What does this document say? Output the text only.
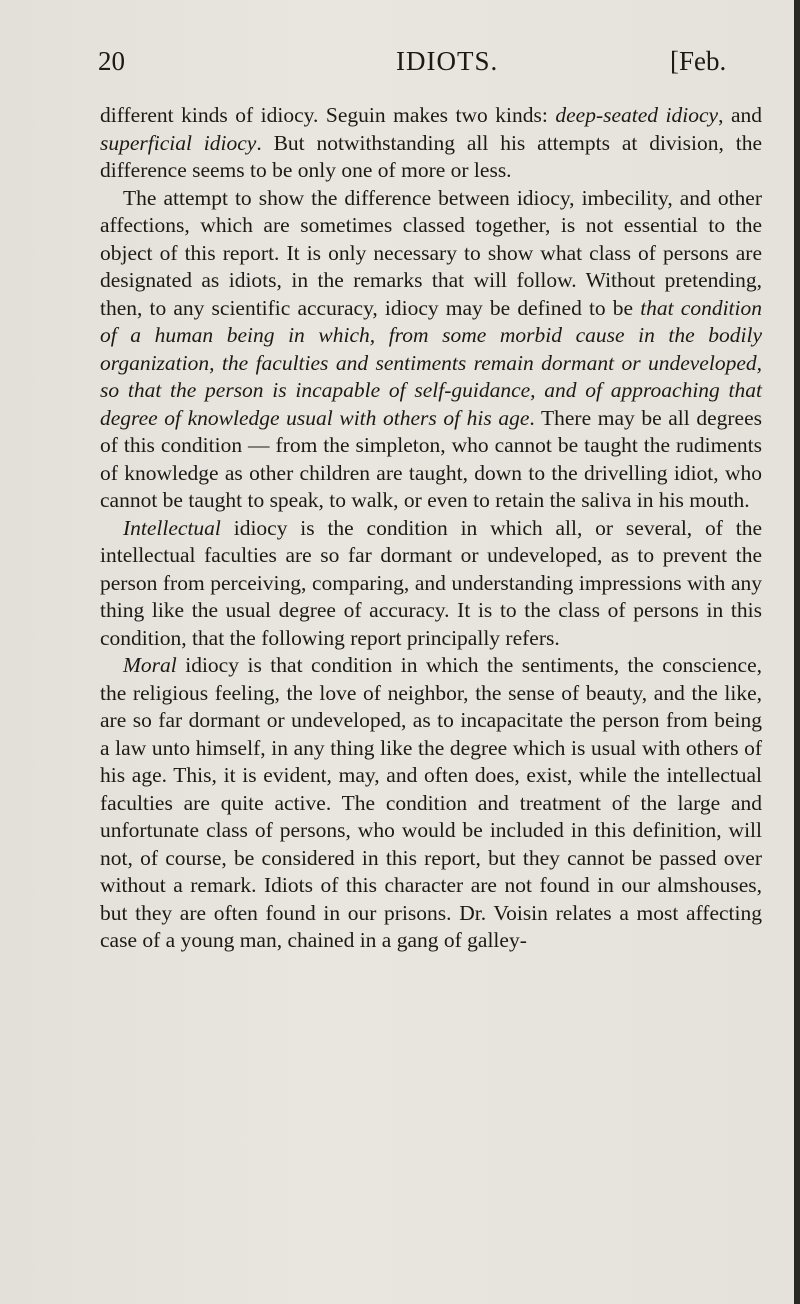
20	IDIOTS.	[Feb.

different kinds of idiocy. Seguin makes two kinds: deep-seated idiocy, and superficial idiocy. But notwithstanding all his attempts at division, the difference seems to be only one of more or less.

The attempt to show the difference between idiocy, imbecility, and other affections, which are sometimes classed together, is not essential to the object of this report. It is only necessary to show what class of persons are designated as idiots, in the remarks that will follow. Without pretending, then, to any scientific accuracy, idiocy may be defined to be that condition of a human being in which, from some morbid cause in the bodily organization, the faculties and sentiments remain dormant or undeveloped, so that the person is incapable of self-guidance, and of approaching that degree of knowledge usual with others of his age. There may be all degrees of this condition — from the simpleton, who cannot be taught the rudiments of knowledge as other children are taught, down to the drivelling idiot, who cannot be taught to speak, to walk, or even to retain the saliva in his mouth.

Intellectual idiocy is the condition in which all, or several, of the intellectual faculties are so far dormant or undeveloped, as to prevent the person from perceiving, comparing, and understanding impressions with any thing like the usual degree of accuracy. It is to the class of persons in this condition, that the following report principally refers.

Moral idiocy is that condition in which the sentiments, the conscience, the religious feeling, the love of neighbor, the sense of beauty, and the like, are so far dormant or undeveloped, as to incapacitate the person from being a law unto himself, in any thing like the degree which is usual with others of his age. This, it is evident, may, and often does, exist, while the intellectual faculties are quite active. The condition and treatment of the large and unfortunate class of persons, who would be included in this definition, will not, of course, be considered in this report, but they cannot be passed over without a remark. Idiots of this character are not found in our almshouses, but they are often found in our prisons. Dr. Voisin relates a most affecting case of a young man, chained in a gang of galley-
